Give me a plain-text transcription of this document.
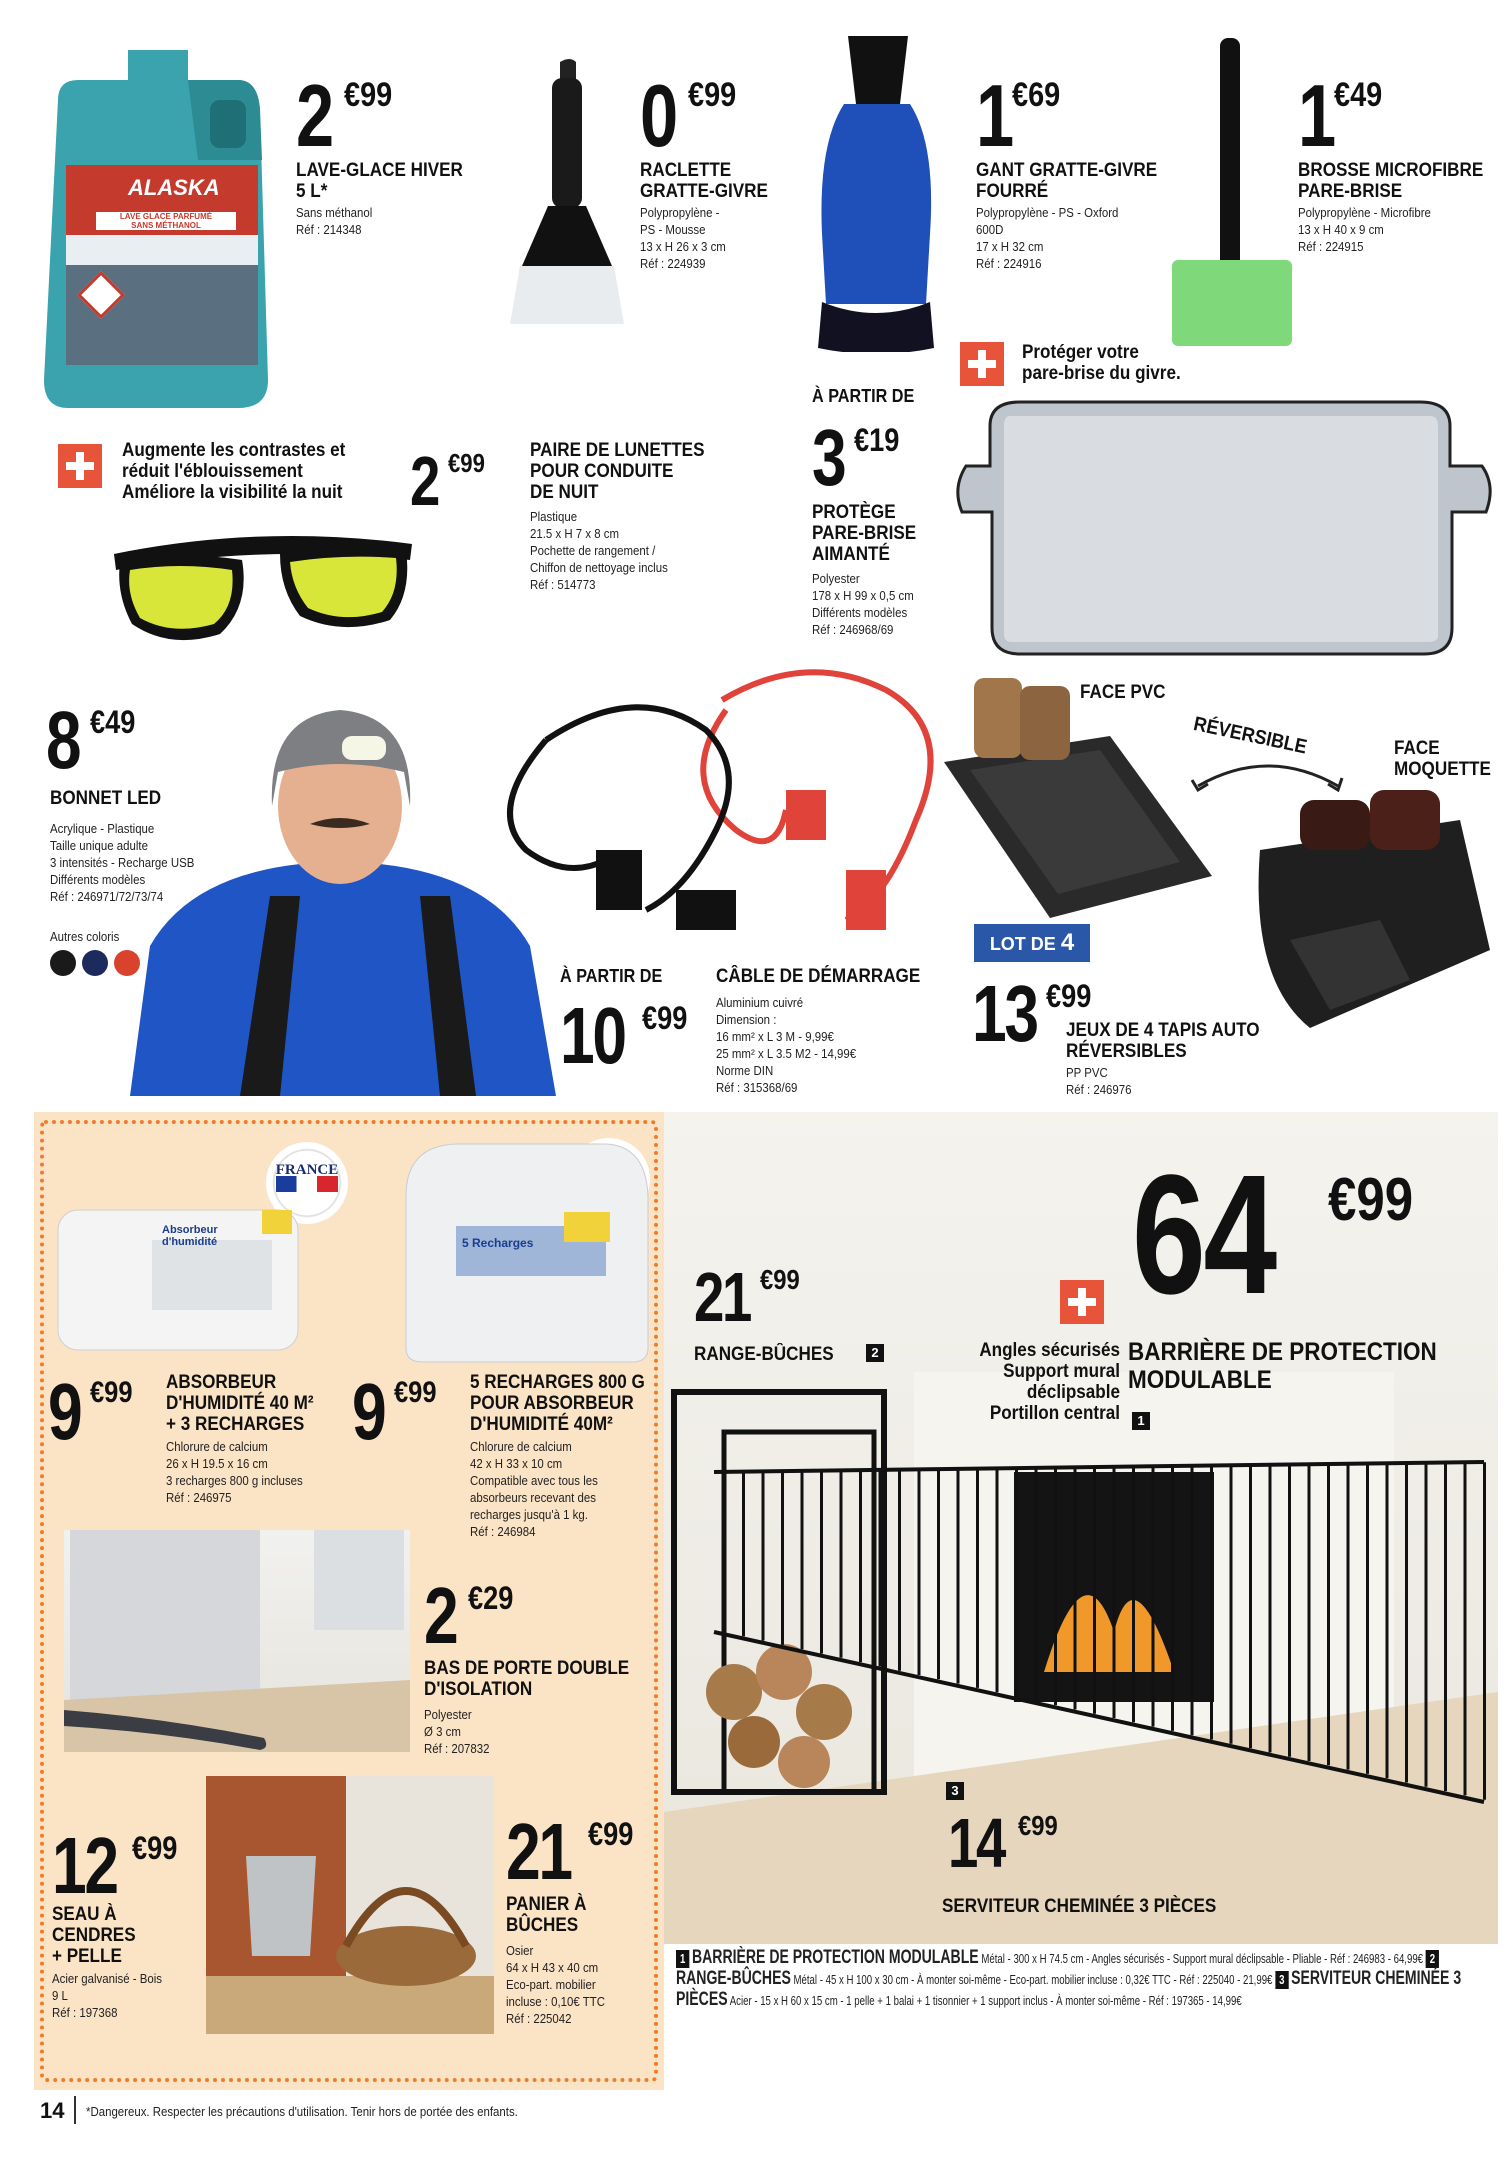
ALASKA
LAVE GLACE PARFUMÉ
SANS MÉTHANOL
2 €99
LAVE-GLACE HIVER
5 L*
Sans méthanol
Réf : 214348
0 €99
RACLETTE
GRATTE-GIVRE
Polypropylène -
PS - Mousse
13 x H 26 x 3 cm
Réf : 224939
1 €69
GANT GRATTE-GIVRE
FOURRÉ
Polypropylène - PS - Oxford
600D
17 x H 32 cm
Réf : 224916
1 €49
BROSSE MICROFIBRE
PARE-BRISE
Polypropylène - Microfibre
13 x H 40 x 9 cm
Réf : 224915
Augmente les contrastes et
réduit l'éblouissement
Améliore la visibilité la nuit 2 €99 PAIRE DE LUNETTES
POUR CONDUITE
DE NUIT
Plastique
21.5 x H 7 x 8 cm
Pochette de rangement /
Chiffon de nettoyage inclus
Réf : 514773
À PARTIR DE
3 €19
PROTÈGE
PARE-BRISE
AIMANTÉ
Polyester
178 x H 99 x 0,5 cm
Différents modèles
Réf : 246968/69
Protéger votre
pare-brise du givre.
8 €49
BONNET LED
Acrylique - Plastique
Taille unique adulte
3 intensités - Recharge USB
Différents modèles
Réf : 246971/72/73/74
Autres coloris
À PARTIR DE
10 €99
CÂBLE DE DÉMARRAGE
Aluminium cuivré
Dimension :
16 mm² x L 3 M - 9,99€
25 mm² x L 3.5 M2 - 14,99€
Norme DIN
Réf : 315368/69
FACE PVC
RÉVERSIBLE	FACE
MOQUETTE
LOT DE 4
13 €99
JEUX DE 4 TAPIS AUTO
RÉVERSIBLES
PP PVC
Réf : 246976
FRANCE
Absorbeur
d'humidité	5 Recharges
9 €99 ABSORBEUR
D'HUMIDITÉ 40 M²
+ 3 RECHARGES
Chlorure de calcium
26 x H 19.5 x 16 cm
3 recharges 800 g incluses
Réf : 246975
9 €99 5 RECHARGES 800 G
POUR ABSORBEUR
D'HUMIDITÉ 40M²
Chlorure de calcium
42 x H 33 x 10 cm
Compatible avec tous les
absorbeurs recevant des
recharges jusqu'à 1 kg.
Réf : 246984
2 €29
BAS DE PORTE DOUBLE
D'ISOLATION
Polyester
Ø 3 cm
Réf : 207832
12 €99
SEAU À
CENDRES
+ PELLE
Acier galvanisé - Bois
9 L
Réf : 197368
21 €99
PANIER À
BÛCHES
Osier
64 x H 43 x 40 cm
Eco-part. mobilier
incluse : 0,10€ TTC
Réf : 225042
21 €99
RANGE-BÛCHES	2
64 €99
Angles sécurisés
Support mural
déclipsable
Portillon central
BARRIÈRE DE PROTECTION
MODULABLE
1
3
14 €99
SERVITEUR CHEMINÉE 3 PIÈCES
1 BARRIÈRE DE PROTECTION MODULABLE Métal - 300 x H 74.5 cm - Angles sécurisés - Support mural déclipsable - Pliable - Réf : 246983 - 64,99€ 2 RANGE-BÛCHES Métal - 45 x H 100 x 30 cm - À monter soi-même - Eco-part. mobilier incluse : 0,32€ TTC - Réf : 225040 - 21,99€ 3 SERVITEUR CHEMINÉE 3 PIÈCES Acier - 15 x H 60 x 15 cm - 1 pelle + 1 balai + 1 tisonnier + 1 support inclus - À monter soi-même - Réf : 197365 - 14,99€
14 *Dangereux. Respecter les précautions d'utilisation. Tenir hors de portée des enfants.
